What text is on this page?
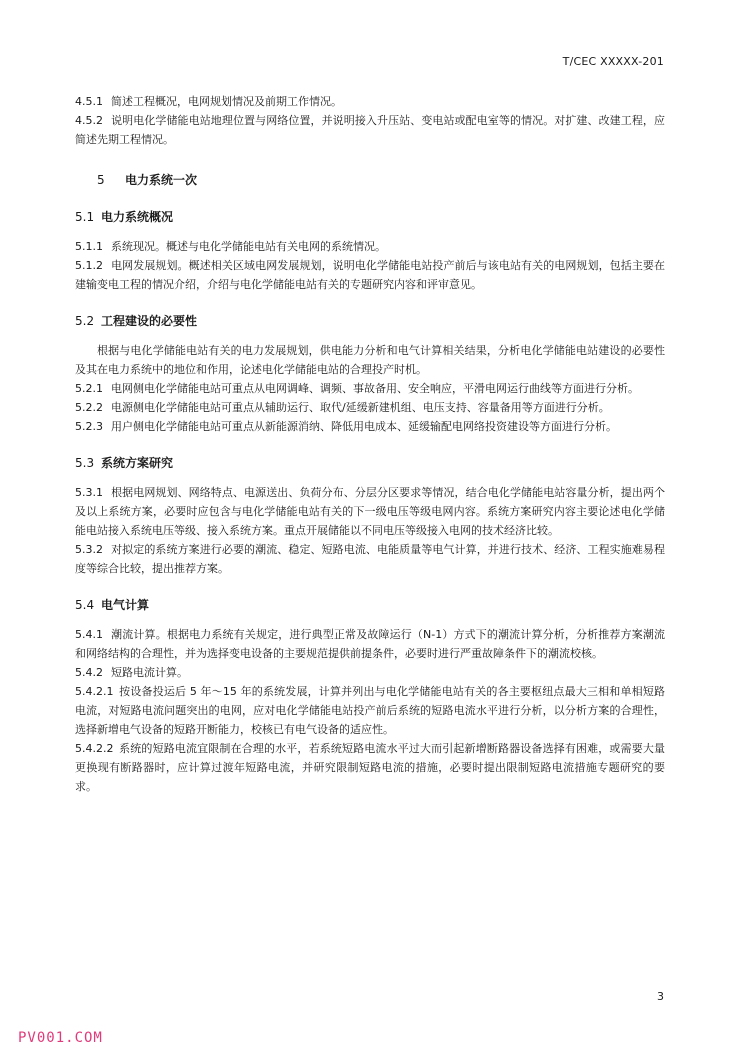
T/CEC XXXXX-201

4.5.1 简述工程概况，电网规划情况及前期工作情况。

4.5.2 说明电化学储能电站地理位置与网络位置，并说明接入升压站、变电站或配电室等的情况。对扩建、改建工程，应简述先期工程情况。

5 电力系统一次
5.1 电力系统概况

5.1.1 系统现况。概述与电化学储能电站有关电网的系统情况。

5.1.2 电网发展规划。概述相关区域电网发展规划，说明电化学储能电站投产前后与该电站有关的电网规划，包括主要在建输变电工程的情况介绍，介绍与电化学储能电站有关的专题研究内容和评审意见。

5.2 工程建设的必要性

根据与电化学储能电站有关的电力发展规划，供电能力分析和电气计算相关结果，分析电化学储能电站建设的必要性及其在电力系统中的地位和作用，论述电化学储能电站的合理投产时机。

5.2.1 电网侧电化学储能电站可重点从电网调峰、调频、事故备用、安全响应，平滑电网运行曲线等方面进行分析。

5.2.2 电源侧电化学储能电站可重点从辅助运行、取代/延缓新建机组、电压支持、容量备用等方面进行分析。

5.2.3 用户侧电化学储能电站可重点从新能源消纳、降低用电成本、延缓输配电网络投资建设等方面进行分析。

5.3 系统方案研究

5.3.1 根据电网规划、网络特点、电源送出、负荷分布、分层分区要求等情况，结合电化学储能电站容量分析，提出两个及以上系统方案，必要时应包含与电化学储能电站有关的下一级电压等级电网内容。系统方案研究内容主要论述电化学储能电站接入系统电压等级、接入系统方案。重点开展储能以不同电压等级接入电网的技术经济比较。

5.3.2 对拟定的系统方案进行必要的潮流、稳定、短路电流、电能质量等电气计算，并进行技术、经济、工程实施难易程度等综合比较，提出推荐方案。

5.4 电气计算

5.4.1 潮流计算。根据电力系统有关规定，进行典型正常及故障运行（N-1）方式下的潮流计算分析，分析推荐方案潮流和网络结构的合理性，并为选择变电设备的主要规范提供前提条件，必要时进行严重故障条件下的潮流校核。

5.4.2 短路电流计算。

5.4.2.1 按设备投运后 5 年～15 年的系统发展，计算并列出与电化学储能电站有关的各主要枢纽点最大三相和单相短路电流，对短路电流问题突出的电网，应对电化学储能电站投产前后系统的短路电流水平进行分析，以分析方案的合理性，选择新增电气设备的短路开断能力，校核已有电气设备的适应性。

5.4.2.2 系统的短路电流宜限制在合理的水平，若系统短路电流水平过大而引起新增断路器设备选择有困难，或需要大量更换现有断路器时，应计算过渡年短路电流，并研究限制短路电流的措施，必要时提出限制短路电流措施专题研究的要求。

3
PV001.COM
